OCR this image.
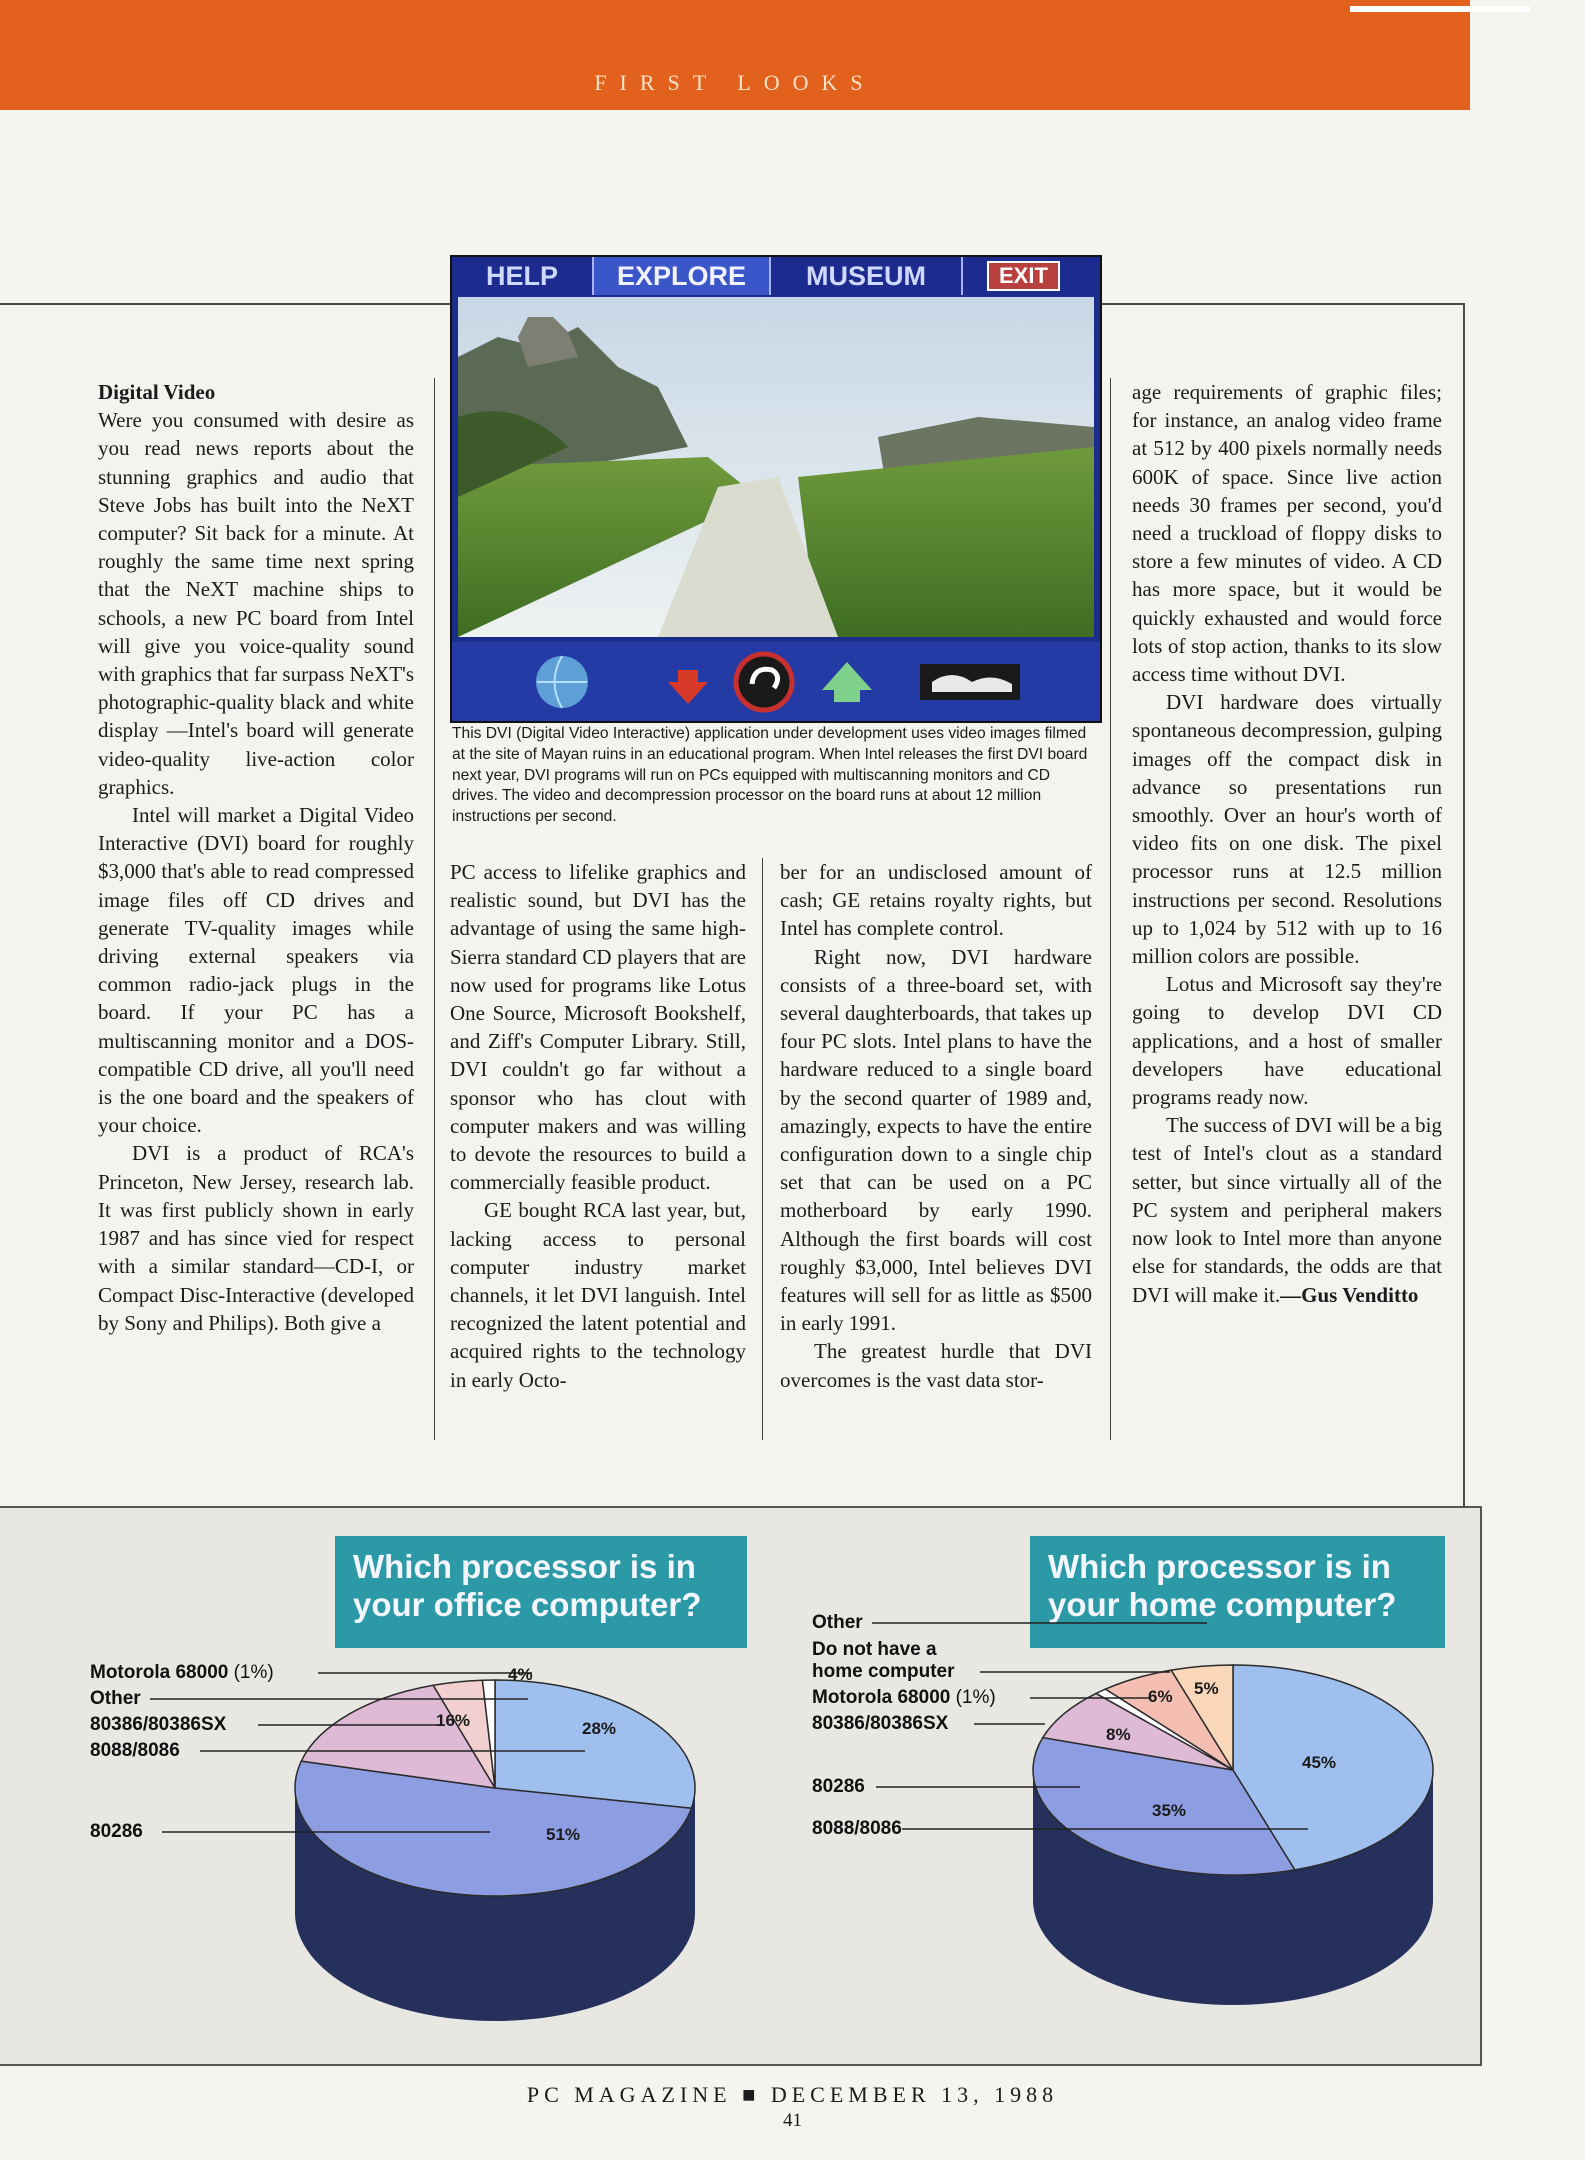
FIRST LOOKS
HELP	EXPLORE	MUSEUM	EXIT
This DVI (Digital Video Interactive) application under development uses video images filmed at the site of Mayan ruins in an educational program. When Intel releases the first DVI board next year, DVI programs will run on PCs equipped with multiscanning monitors and CD drives. The video and decompression processor on the board runs at about 12 million instructions per second.

Digital Video

Were you consumed with desire as you read news reports about the stunning graphics and audio that Steve Jobs has built into the NeXT computer? Sit back for a minute. At roughly the same time next spring that the NeXT machine ships to schools, a new PC board from Intel will give you voice-quality sound with graphics that far surpass NeXT's photographic-quality black and white display —Intel's board will generate video-quality live-action color graphics.

Intel will market a Digital Video Interactive (DVI) board for roughly $3,000 that's able to read compressed image files off CD drives and generate TV-quality images while driving external speakers via common radio-jack plugs in the board. If your PC has a multiscanning monitor and a DOS-compatible CD drive, all you'll need is the one board and the speakers of your choice.

DVI is a product of RCA's Princeton, New Jersey, research lab. It was first publicly shown in early 1987 and has since vied for respect with a similar standard—CD-I, or Compact Disc-Interactive (developed by Sony and Philips). Both give a

PC access to lifelike graphics and realistic sound, but DVI has the advantage of using the same high-Sierra standard CD players that are now used for programs like Lotus One Source, Microsoft Bookshelf, and Ziff's Computer Library. Still, DVI couldn't go far without a sponsor who has clout with computer makers and was willing to devote the resources to build a commercially feasible product.

GE bought RCA last year, but, lacking access to personal computer industry market channels, it let DVI languish. Intel recognized the latent potential and acquired rights to the technology in early Octo-

ber for an undisclosed amount of cash; GE retains royalty rights, but Intel has complete control.

Right now, DVI hardware consists of a three-board set, with several daughterboards, that takes up four PC slots. Intel plans to have the hardware reduced to a single board by the second quarter of 1989 and, amazingly, expects to have the entire configuration down to a single chip set that can be used on a PC motherboard by early 1990. Although the first boards will cost roughly $3,000, Intel believes DVI features will sell for as little as $500 in early 1991.

The greatest hurdle that DVI overcomes is the vast data stor-

age requirements of graphic files; for instance, an analog video frame at 512 by 400 pixels normally needs 600K of space. Since live action needs 30 frames per second, you'd need a truckload of floppy disks to store a few minutes of video. A CD has more space, but it would be quickly exhausted and would force lots of stop action, thanks to its slow access time without DVI.

DVI hardware does virtually spontaneous decompression, gulping images off the compact disk in advance so presentations run smoothly. Over an hour's worth of video fits on one disk. The pixel processor runs at 12.5 million instructions per second. Resolutions up to 1,024 by 512 with up to 16 million colors are possible.

Lotus and Microsoft say they're going to develop DVI CD applications, and a host of smaller developers have educational programs ready now.

The success of DVI will be a big test of Intel's clout as a standard setter, but since virtually all of the PC system and peripheral makers now look to Intel more than anyone else for standards, the odds are that DVI will make it.—Gus Venditto

Which processor is in your office computer?
Which processor is in your home computer?
Motorola 68000 (1%)
Other
80386/80386SX
8088/8086
80286
28%
16%
4%
51%
Other
Do not have a
home computer
Motorola 68000 (1%)
80386/80386SX
80286
8088/8086
45%
35%
8%
6% 5%
PC MAGAZINE ■ DECEMBER 13, 1988
41
